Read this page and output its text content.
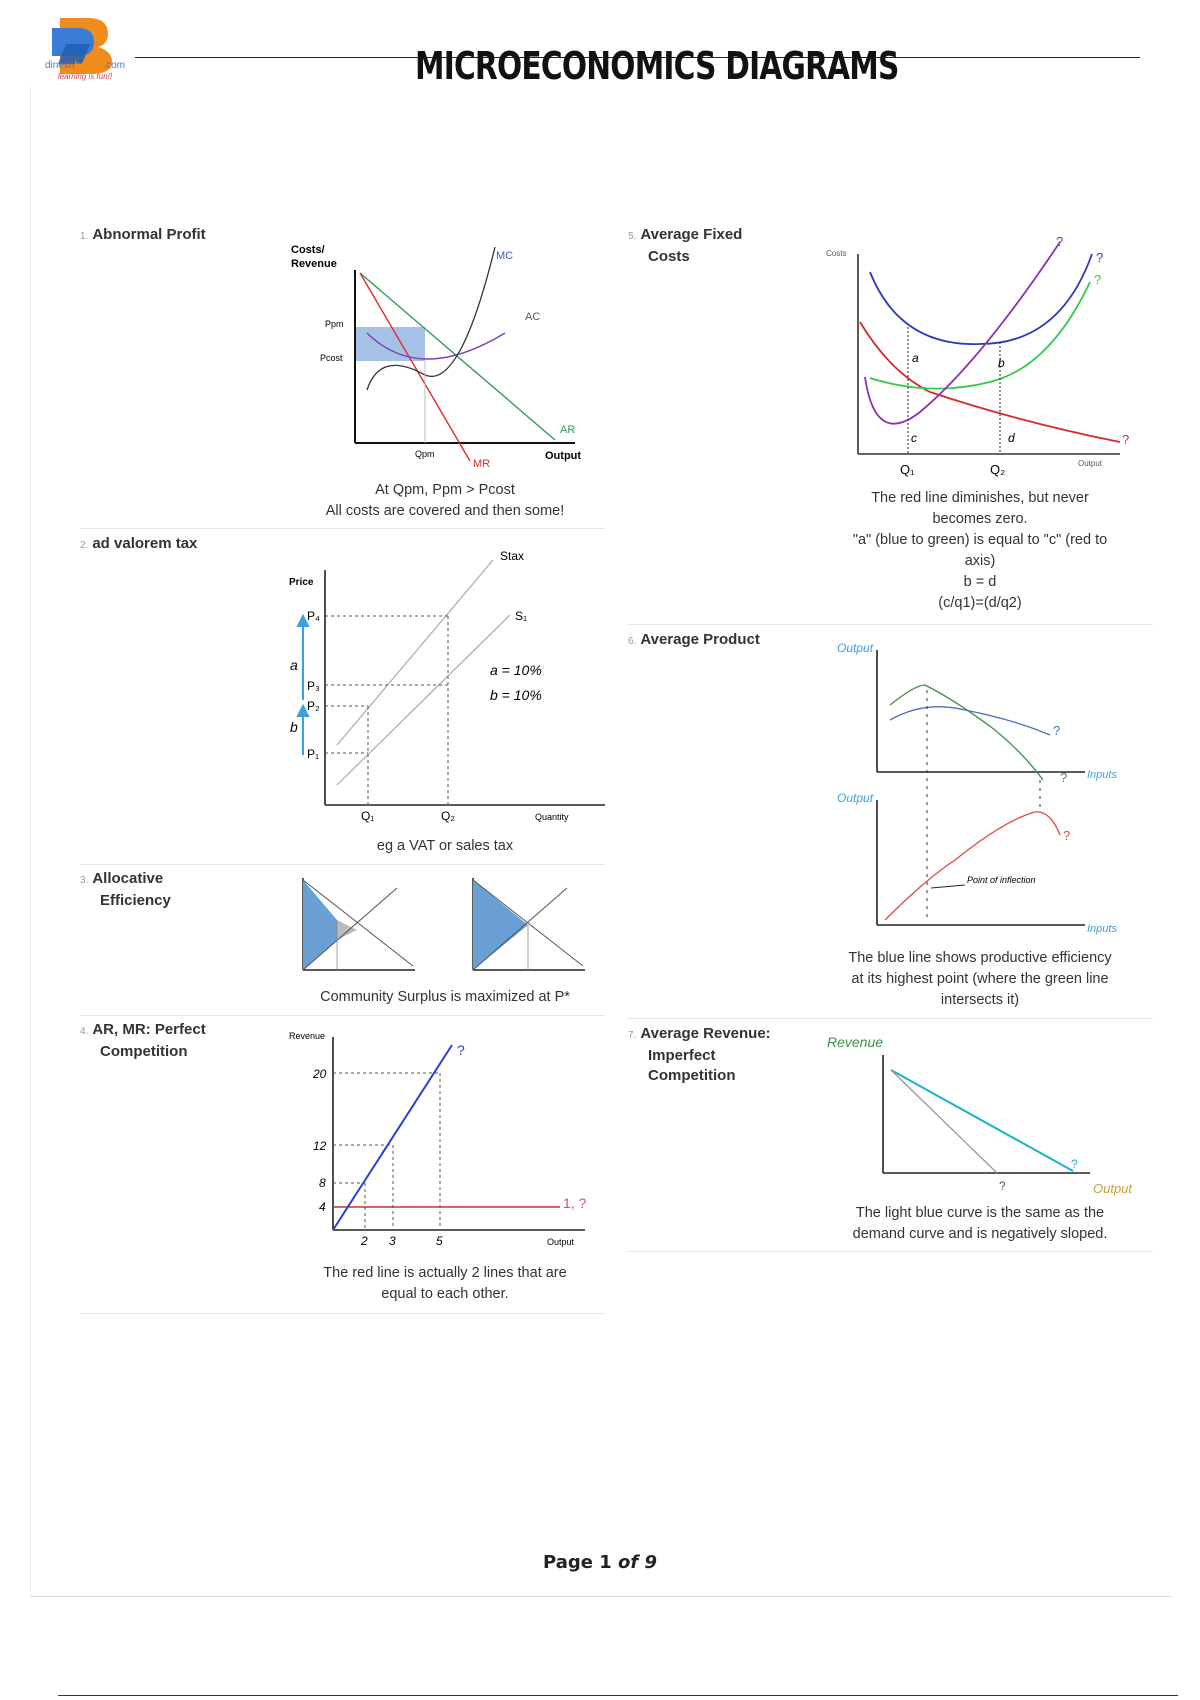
dineshbakshi.com
learning is fun!!	MICROECONOMICS DIAGRAMS
1. Abnormal Profit
Costs/
Revenue
MC
AC
AR
MR
Ppm
Pcost
Qpm	Output
At Qpm, Ppm > Pcost
All costs are covered and then some!
2. ad valorem tax
Price
Stax
S₁
P₄
P₃
P₂
P₁
a
b
a = 10%
b = 10%
Q₁	Q₂	Quantity
eg a VAT or sales tax
3. Allocative
Efficiency
Community Surplus is maximized at P*
4. AR, MR: Perfect
Competition
Revenue
20
12
8
4
2 3	5
?
1, ?
Output
The red line is actually 2 lines that are
equal to each other.
5. Average Fixed
Costs	Costs
a	b
c	d
Q₁	Q₂	Output
?
?
?
?
The red line diminishes, but never
becomes zero.
"a" (blue to green) is equal to "c" (red to
axis)
b = d
(c/q1)=(d/q2)
6. Average Product	Output
Output
Inputs
Inputs
Point of inflection
?
?
?
The blue line shows productive efficiency
at its highest point (where the green line
intersects it)
7. Average Revenue:
Imperfect
Competition
Revenue
Output
?
?
The light blue curve is the same as the
demand curve and is negatively sloped.
Page 1 of 9
